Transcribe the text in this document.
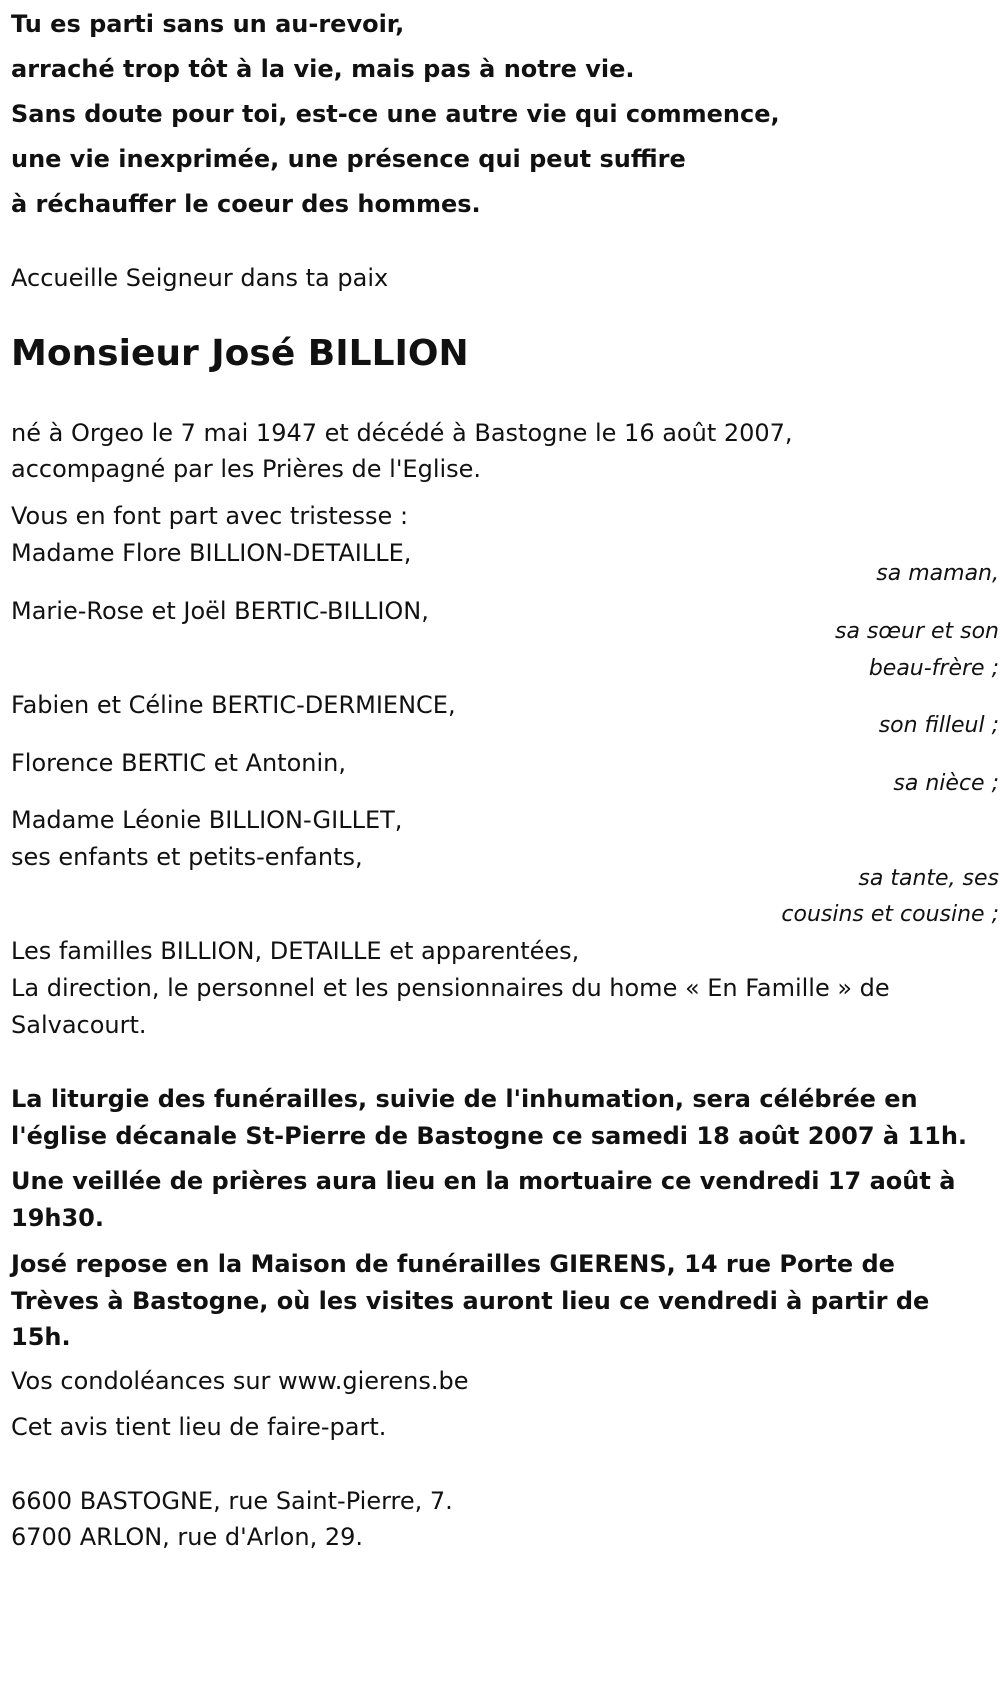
Tu es parti sans un au-revoir,
arraché trop tôt à la vie, mais pas à notre vie.
Sans doute pour toi, est-ce une autre vie qui commence,
une vie inexprimée, une présence qui peut suffire
à réchauffer le coeur des hommes.
Accueille Seigneur dans ta paix
Monsieur José BILLION
né à Orgeo le 7 mai 1947 et décédé à Bastogne le 16 août 2007,
accompagné par les Prières de l'Eglise.
Vous en font part avec tristesse :
Madame Flore BILLION-DETAILLE,
sa maman,
Marie-Rose et Joël BERTIC-BILLION,
sa sœur et son
beau-frère ;
Fabien et Céline BERTIC-DERMIENCE,
son filleul ;
Florence BERTIC et Antonin,
sa nièce ;
Madame Léonie BILLION-GILLET,
ses enfants et petits-enfants,
sa tante, ses
cousins et cousine ;
Les familles BILLION, DETAILLE et apparentées,
La direction, le personnel et les pensionnaires du home « En Famille » de
Salvacourt.
La liturgie des funérailles, suivie de l'inhumation, sera célébrée en
l'église décanale St-Pierre de Bastogne ce samedi 18 août 2007 à 11h.
Une veillée de prières aura lieu en la mortuaire ce vendredi 17 août à
19h30.
José repose en la Maison de funérailles GIERENS, 14 rue Porte de
Trèves à Bastogne, où les visites auront lieu ce vendredi à partir de
15h.
Vos condoléances sur www.gierens.be
Cet avis tient lieu de faire-part.
6600 BASTOGNE, rue Saint-Pierre, 7.
6700 ARLON, rue d'Arlon, 29.
